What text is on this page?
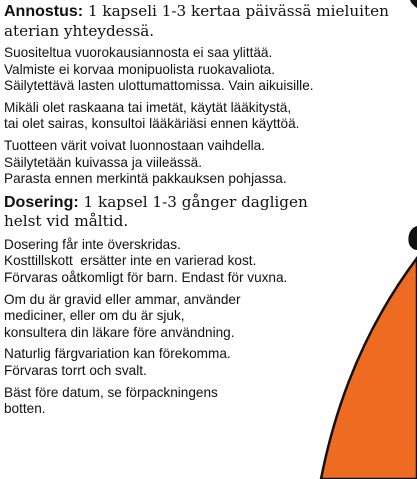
Annostus: 1 kapseli 1-3 kertaa päivässä mieluiten
aterian yhteydessä.
Suositeltua vuorokausiannosta ei saa ylittää.
Valmiste ei korvaa monipuolista ruokavaliota.
Säilytettävä lasten ulottumattomissa. Vain aikuisille.
Mikäli olet raskaana tai imetät, käytät lääkitystä,
tai olet sairas, konsultoi lääkäriäsi ennen käyttöä.
Tuotteen värit voivat luonnostaan vaihdella.
Säilytetään kuivassa ja viileässä.
Parasta ennen merkintä pakkauksen pohjassa.
Dosering: 1 kapsel 1-3 gånger dagligen
helst vid måltid.
Dosering får inte överskridas.
Kosttillskott  ersätter inte en varierad kost.
Förvaras oåtkomligt för barn. Endast för vuxna.
Om du är gravid eller ammar, använder
mediciner, eller om du är sjuk,
konsultera din läkare före användning.
Naturlig färgvariation kan förekomma.
Förvaras torrt och svalt.
Bäst före datum, se förpackningens
botten.
